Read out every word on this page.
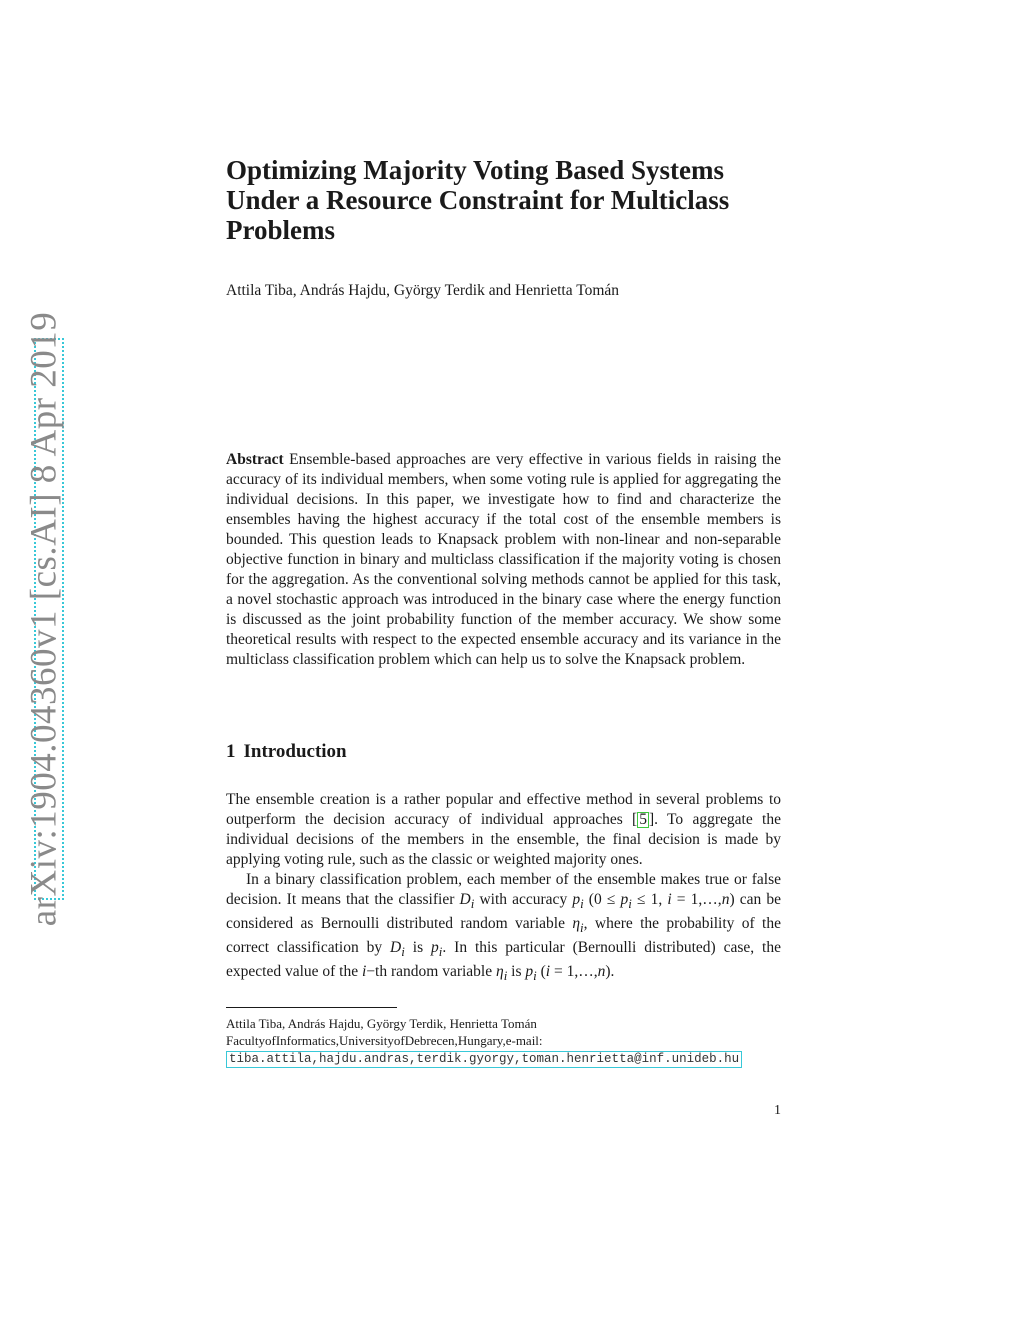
arXiv:1904.04360v1 [cs.AI] 8 Apr 2019
Optimizing Majority Voting Based Systems
Under a Resource Constraint for Multiclass
Problems

Attila Tiba, András Hajdu, György Terdik and Henrietta Tomán

Abstract Ensemble-based approaches are very effective in various fields in raising the accuracy of its individual members, when some voting rule is applied for aggregating the individual decisions. In this paper, we investigate how to find and characterize the ensembles having the highest accuracy if the total cost of the ensemble members is bounded. This question leads to Knapsack problem with non-linear and non-separable objective function in binary and multiclass classification if the majority voting is chosen for the aggregation. As the conventional solving methods cannot be applied for this task, a novel stochastic approach was introduced in the binary case where the energy function is discussed as the joint probability function of the member accuracy. We show some theoretical results with respect to the expected ensemble accuracy and its variance in the multiclass classification problem which can help us to solve the Knapsack problem.

1 Introduction

The ensemble creation is a rather popular and effective method in several problems to outperform the decision accuracy of individual approaches [ 5 ]. To aggregate the individual decisions of the members in the ensemble, the final decision is made by applying voting rule, such as the classic or weighted majority ones.

In a binary classification problem, each member of the ensemble makes true or false decision. It means that the classifier $D_i$ with accuracy $p_i$ ($0 \le p_i \le 1$, i = 1,…,n) can be considered as Bernoulli distributed random variable $\eta_i$, where the probability of the correct classification by $D_i$ is $p_i$. In this particular (Bernoulli distributed) case, the expected value of the i−th random variable $\eta_i$ is $p_i$ (i = 1,…,n).

Attila Tiba, András Hajdu, György Terdik, Henrietta Tomán
FacultyofInformatics,UniversityofDebrecen,Hungary,e-mail:
tiba.attila,hajdu.andras,terdik.gyorgy,toman.henrietta@inf.unideb.hu
1
